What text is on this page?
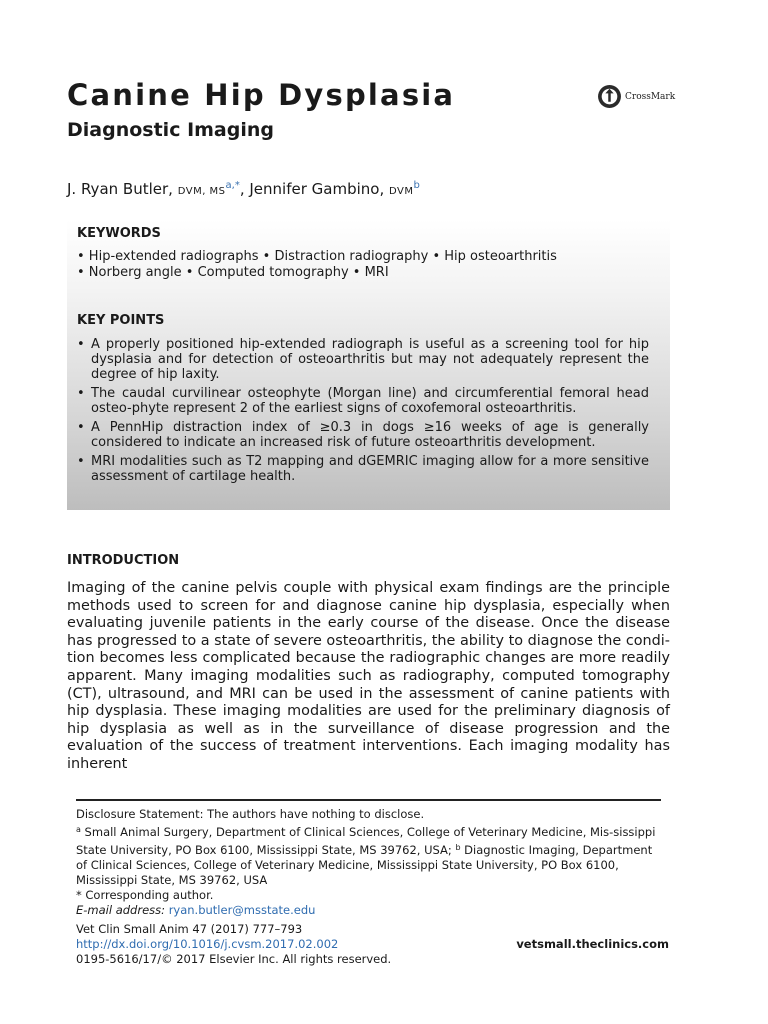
Canine Hip Dysplasia
Diagnostic Imaging
CrossMark
J. Ryan Butler, DVM, $MS^{a,*}$, Jennifer Gambino, DVM$^b$
KEYWORDS
• Hip-extended radiographs • Distraction radiography • Hip osteoarthritis
• Norberg angle • Computed tomography • MRI
KEY POINTS
• A properly positioned hip-extended radiograph is useful as a screening tool for hip dysplasia and for detection of osteoarthritis but may not adequately represent the degree of hip laxity.
• The caudal curvilinear osteophyte (Morgan line) and circumferential femoral head osteo-phyte represent 2 of the earliest signs of coxofemoral osteoarthritis.
• A PennHip distraction index of ≥0.3 in dogs ≥16 weeks of age is generally considered to indicate an increased risk of future osteoarthritis development.
• MRI modalities such as T2 mapping and dGEMRIC imaging allow for a more sensitive assessment of cartilage health.
INTRODUCTION

Imaging of the canine pelvis couple with physical exam findings are the principle methods used to screen for and diagnose canine hip dysplasia, especially when evaluating juvenile patients in the early course of the disease. Once the disease has progressed to a state of severe osteoarthritis, the ability to diagnose the condi-tion becomes less complicated because the radiographic changes are more readily apparent. Many imaging modalities such as radiography, computed tomography (CT), ultrasound, and MRI can be used in the assessment of canine patients with hip dysplasia. These imaging modalities are used for the preliminary diagnosis of hip dysplasia as well as in the surveillance of disease progression and the evaluation of the success of treatment interventions. Each imaging modality has inherent

Disclosure Statement: The authors have nothing to disclose.

$^a$ Small Animal Surgery, Department of Clinical Sciences, College of Veterinary Medicine, Mis-sissippi State University, PO Box 6100, Mississippi State, MS 39762, USA; $^b$ Diagnostic Imaging, Department of Clinical Sciences, College of Veterinary Medicine, Mississippi State University, PO Box 6100, Mississippi State, MS 39762, USA

* Corresponding author.

E-mail address: ryan.butler@msstate.edu

Vet Clin Small Anim 47 (2017) 777–793
http://dx.doi.org/10.1016/j.cvsm.2017.02.002
0195-5616/17/© 2017 Elsevier Inc. All rights reserved.
vetsmall.theclinics.com
